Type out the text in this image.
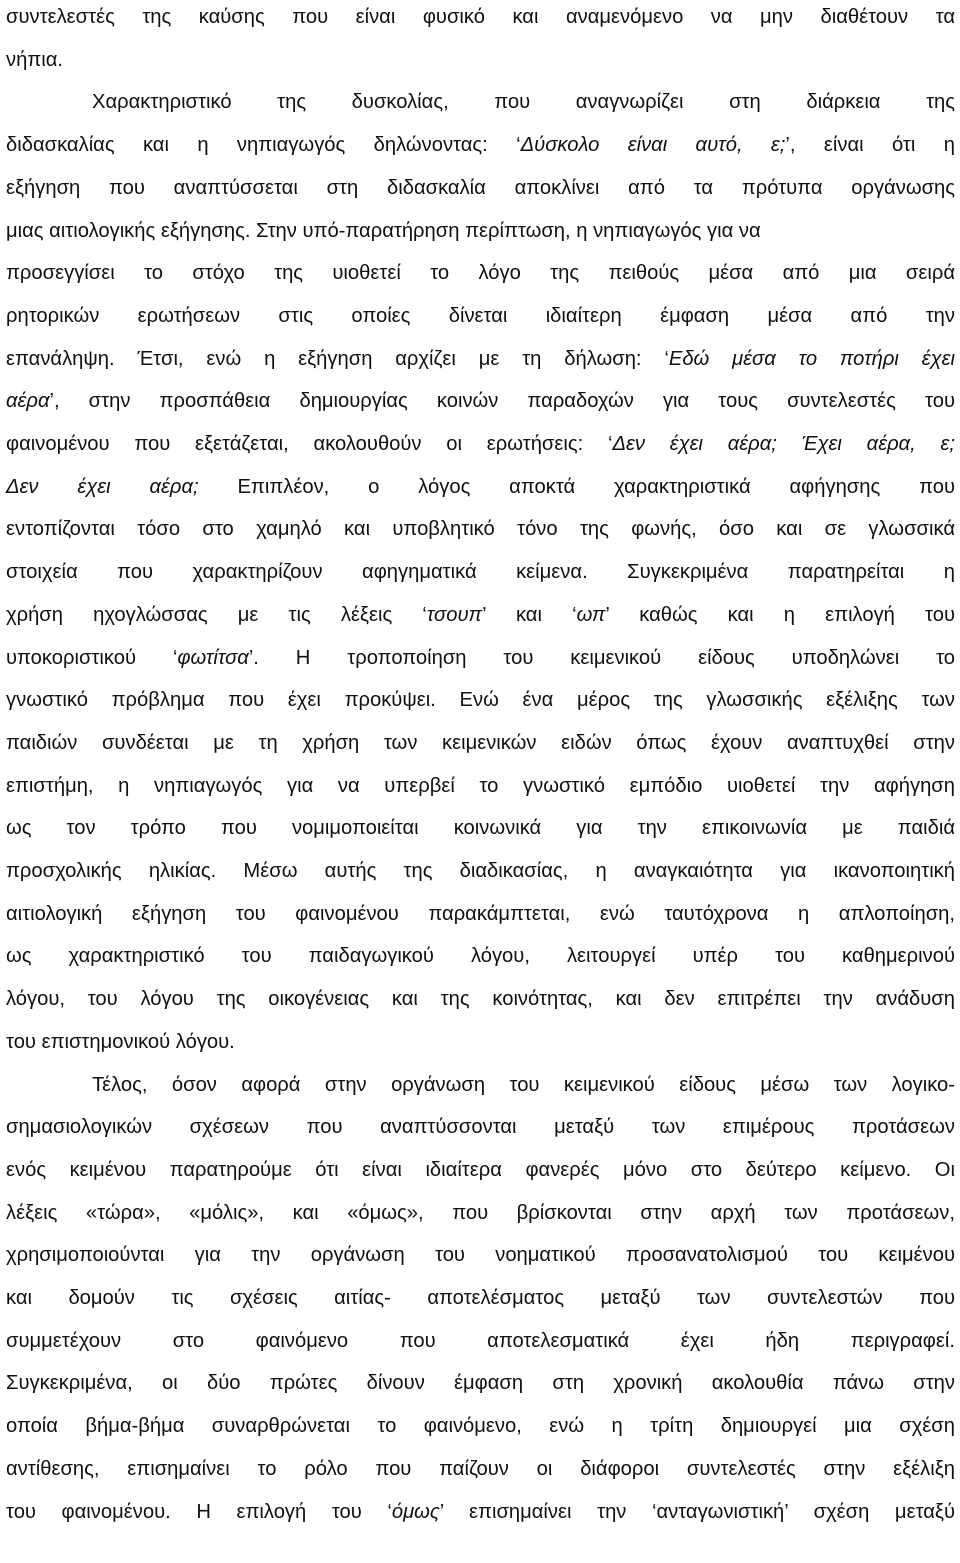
συντελεστές της καύσης που είναι φυσικό και αναμενόμενο να μην διαθέτουν τα
νήπια.
Χαρακτηριστικό της δυσκολίας, που αναγνωρίζει στη διάρκεια της
διδασκαλίας και η νηπιαγωγός δηλώνοντας: ‘Δύσκολο είναι αυτό, ε;’, είναι ότι η
εξήγηση που αναπτύσσεται στη διδασκαλία αποκλίνει από τα πρότυπα οργάνωσης
μιας αιτιολογικής εξήγησης. Στην υπό-παρατήρηση περίπτωση, η νηπιαγωγός για να
προσεγγίσει το στόχο της υιοθετεί το λόγο της πειθούς μέσα από μια σειρά
ρητορικών ερωτήσεων στις οποίες δίνεται ιδιαίτερη έμφαση μέσα από την
επανάληψη. Έτσι, ενώ η εξήγηση αρχίζει με τη δήλωση: ‘Εδώ μέσα το ποτήρι έχει
αέρα’, στην προσπάθεια δημιουργίας κοινών παραδοχών για τους συντελεστές του
φαινομένου που εξετάζεται, ακολουθούν οι ερωτήσεις: ‘Δεν έχει αέρα; Έχει αέρα, ε;
Δεν έχει αέρα; Επιπλέον, ο λόγος αποκτά χαρακτηριστικά αφήγησης που
εντοπίζονται τόσο στο χαμηλό και υποβλητικό τόνο της φωνής, όσο και σε γλωσσικά
στοιχεία που χαρακτηρίζουν αφηγηματικά κείμενα. Συγκεκριμένα παρατηρείται η
χρήση ηχογλώσσας με τις λέξεις ‘τσουπ’ και ‘ωπ’ καθώς και η επιλογή του
υποκοριστικού ‘φωτίτσα’. Η τροποποίηση του κειμενικού είδους υποδηλώνει το
γνωστικό πρόβλημα που έχει προκύψει. Ενώ ένα μέρος της γλωσσικής εξέλιξης των
παιδιών συνδέεται με τη χρήση των κειμενικών ειδών όπως έχουν αναπτυχθεί στην
επιστήμη, η νηπιαγωγός για να υπερβεί το γνωστικό εμπόδιο υιοθετεί την αφήγηση
ως τον τρόπο που νομιμοποιείται κοινωνικά για την επικοινωνία με παιδιά
προσχολικής ηλικίας. Μέσω αυτής της διαδικασίας, η αναγκαιότητα για ικανοποιητική
αιτιολογική εξήγηση του φαινομένου παρακάμπτεται, ενώ ταυτόχρονα η απλοποίηση,
ως χαρακτηριστικό του παιδαγωγικού λόγου, λειτουργεί υπέρ του καθημερινού
λόγου, του λόγου της οικογένειας και της κοινότητας, και δεν επιτρέπει την ανάδυση
του επιστημονικού λόγου.
Τέλος, όσον αφορά στην οργάνωση του κειμενικού είδους μέσω των λογικο-
σημασιολογικών σχέσεων που αναπτύσσονται μεταξύ των επιμέρους προτάσεων
ενός κειμένου παρατηρούμε ότι είναι ιδιαίτερα φανερές μόνο στο δεύτερο κείμενο. Οι
λέξεις «τώρα», «μόλις», και «όμως», που βρίσκονται στην αρχή των προτάσεων,
χρησιμοποιούνται για την οργάνωση του νοηματικού προσανατολισμού του κειμένου
και δομούν τις σχέσεις αιτίας- αποτελέσματος μεταξύ των συντελεστών που
συμμετέχουν στο φαινόμενο που αποτελεσματικά έχει ήδη περιγραφεί.
Συγκεκριμένα, οι δύο πρώτες δίνουν έμφαση στη χρονική ακολουθία πάνω στην
οποία βήμα-βήμα συναρθρώνεται το φαινόμενο, ενώ η τρίτη δημιουργεί μια σχέση
αντίθεσης, επισημαίνει το ρόλο που παίζουν οι διάφοροι συντελεστές στην εξέλιξη
του φαινομένου. Η επιλογή του ‘όμως’ επισημαίνει την ‘ανταγωνιστική’ σχέση μεταξύ
